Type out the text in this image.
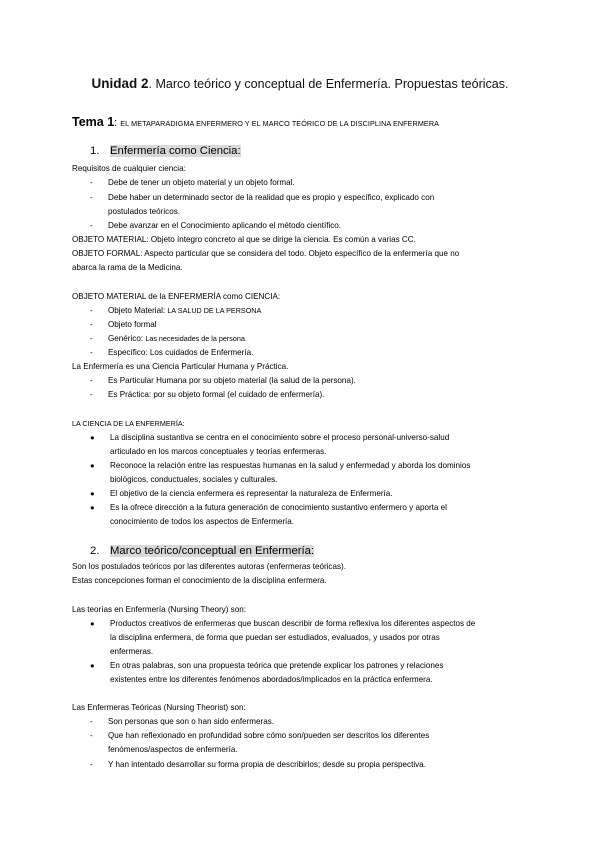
Unidad 2. Marco teórico y conceptual de Enfermería. Propuestas teóricas.
Tema 1: EL METAPARADIGMA ENFERMERO Y EL MARCO TEÓRICO DE LA DISCIPLINA ENFERMERA
1. Enfermería como Ciencia:
Requisitos de cualquier ciencia:
- Debe de tener un objeto material y un objeto formal.
- Debe haber un determinado sector de la realidad que es propio y específico, explicado con
postulados teóricos.
- Debe avanzar en el Conocimiento aplicando el método científico.
OBJETO MATERIAL: Objeto íntegro concreto al que se dirige la ciencia. Es común a varias CC.
OBJETO FORMAL: Aspecto particular que se considera del todo. Objeto específico de la enfermería que no
abarca la rama de la Medicina.
OBJETO MATERIAL de la ENFERMERÍA como CIENCIA:
- Objeto Material: LA SALUD DE LA PERSONA
- Objeto formal
- Genérico: Las necesidades de la persona.
- Específico: Los cuidados de Enfermería.
La Enfermería es una Ciencia Particular Humana y Práctica.
- Es Particular Humana por su objeto material (la salud de la persona).
- Es Práctica: por su objeto formal (el cuidado de enfermería).
LA CIENCIA DE LA ENFERMERÍA:
● La disciplina sustantiva se centra en el conocimiento sobre el proceso personal-universo-salud
articulado en los marcos conceptuales y teorías enfermeras.
● Reconoce la relación entre las respuestas humanas en la salud y enfermedad y aborda los dominios
biológicos, conductuales, sociales y culturales.
● El objetivo de la ciencia enfermera es representar la naturaleza de Enfermería.
● Es la ofrece dirección a la futura generación de conocimiento sustantivo enfermero y aporta el
conocimiento de todos los aspectos de Enfermería.
2. Marco teórico/conceptual en Enfermería:
Son los postulados teóricos por las diferentes autoras (enfermeras teóricas).
Estas concepciones forman el conocimiento de la disciplina enfermera.
Las teorías en Enfermería (Nursing Theory) son:
● Productos creativos de enfermeras que buscan describir de forma reflexiva los diferentes aspectos de
la disciplina enfermera, de forma que puedan ser estudiados, evaluados, y usados por otras
enfermeras.
● En otras palabras, son una propuesta teórica que pretende explicar los patrones y relaciones
existentes entre los diferentes fenómenos abordados/implicados en la práctica enfermera.
Las Enfermeras Teóricas (Nursing Theorist) son:
- Son personas que son o han sido enfermeras.
- Que han reflexionado en profundidad sobre cómo son/pueden ser descritos los diferentes
fenómenos/aspectos de enfermería.
- Y han intentado desarrollar su forma propia de describirlos; desde su propia perspectiva.
